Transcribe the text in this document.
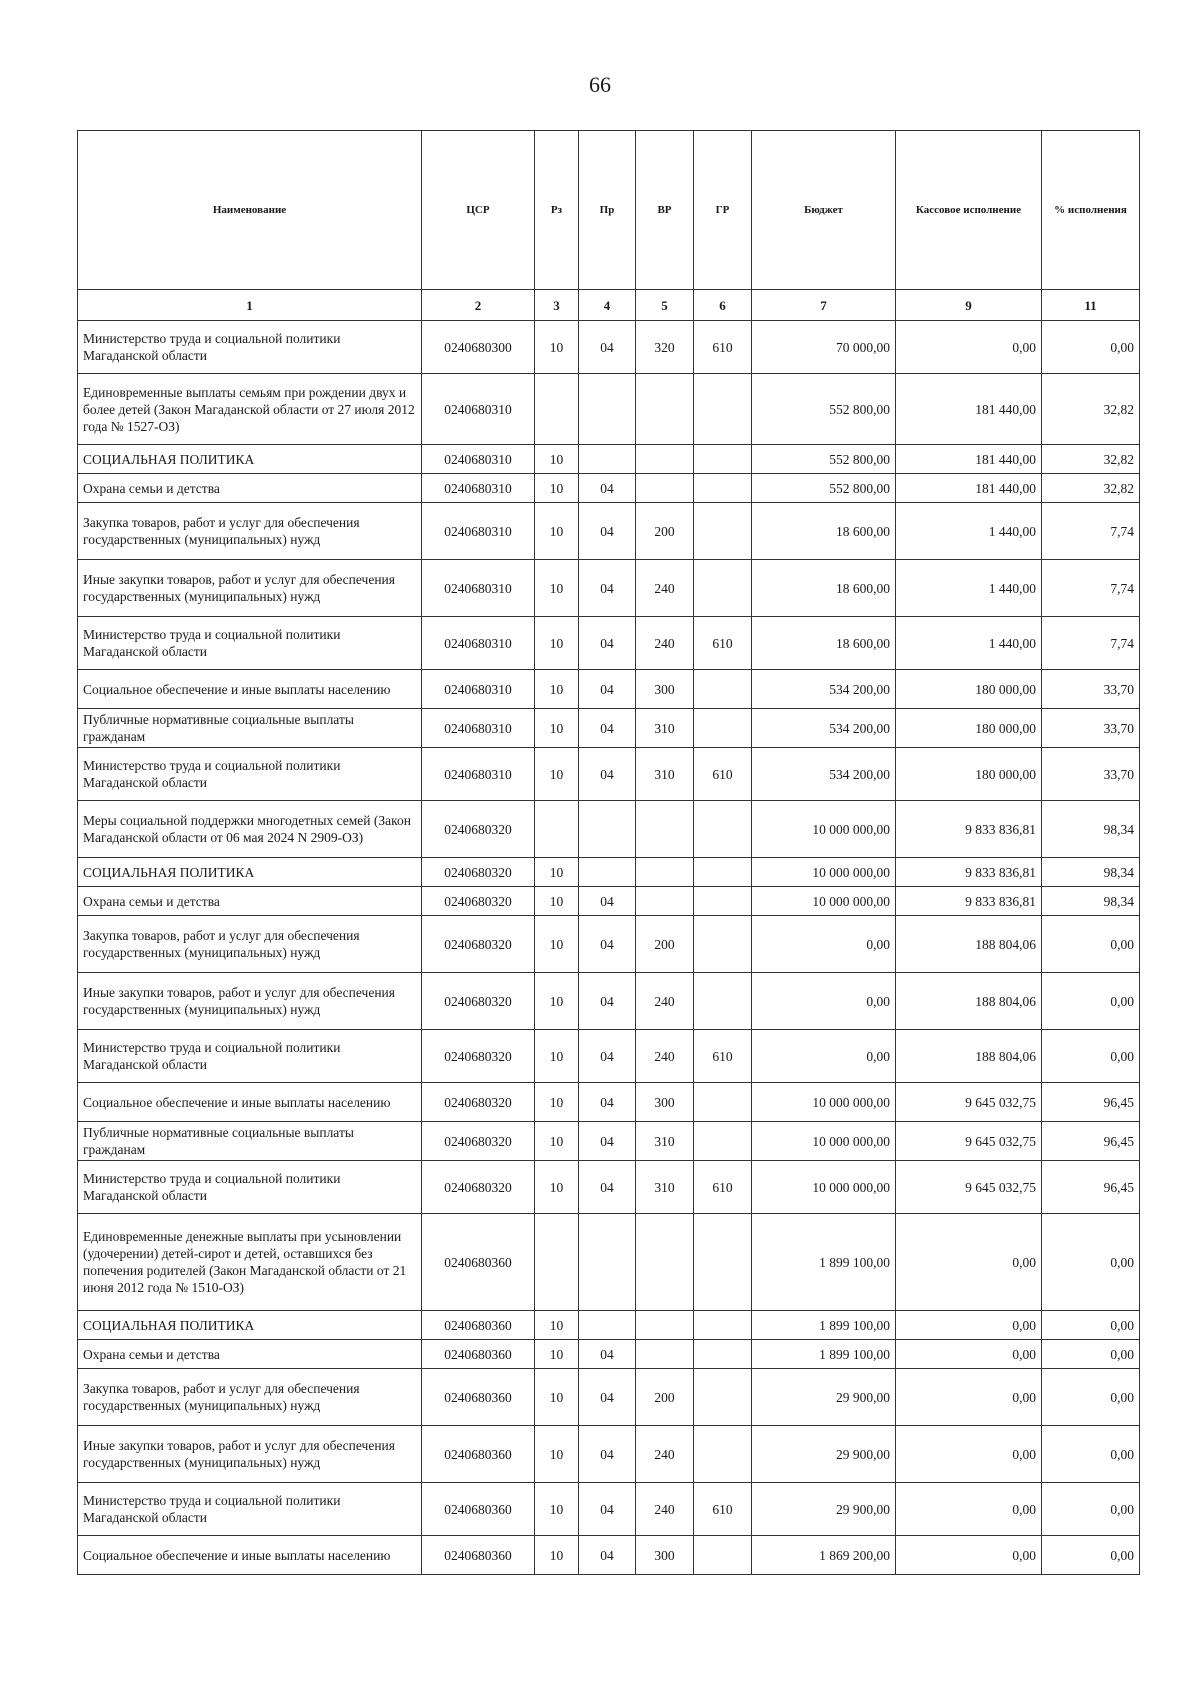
66
Наименование	ЦСР	Рз	Пр	ВР	ГР	Бюджет	Кассовое исполнение	% исполнения
1	2	3	4	5	6	7	9	11
Министерство труда и социальной политики Магаданской области	0240680300	10	04	320	610	70 000,00	0,00	0,00
Единовременные выплаты семьям при рождении двух и более детей (Закон Магаданской области от 27 июля 2012 года № 1527-ОЗ)	0240680310					552 800,00	181 440,00	32,82
СОЦИАЛЬНАЯ ПОЛИТИКА	0240680310	10				552 800,00	181 440,00	32,82
Охрана семьи и детства	0240680310	10	04			552 800,00	181 440,00	32,82
Закупка товаров, работ и услуг для обеспечения государственных (муниципальных) нужд	0240680310	10	04	200		18 600,00	1 440,00	7,74
Иные закупки товаров, работ и услуг для обеспечения государственных (муниципальных) нужд	0240680310	10	04	240		18 600,00	1 440,00	7,74
Министерство труда и социальной политики Магаданской области	0240680310	10	04	240	610	18 600,00	1 440,00	7,74
Социальное обеспечение и иные выплаты населению	0240680310	10	04	300		534 200,00	180 000,00	33,70
Публичные нормативные социальные выплаты гражданам	0240680310	10	04	310		534 200,00	180 000,00	33,70
Министерство труда и социальной политики Магаданской области	0240680310	10	04	310	610	534 200,00	180 000,00	33,70
Меры социальной поддержки многодетных семей (Закон Магаданской области от 06 мая 2024 N 2909-ОЗ)	0240680320					10 000 000,00	9 833 836,81	98,34
СОЦИАЛЬНАЯ ПОЛИТИКА	0240680320	10				10 000 000,00	9 833 836,81	98,34
Охрана семьи и детства	0240680320	10	04			10 000 000,00	9 833 836,81	98,34
Закупка товаров, работ и услуг для обеспечения государственных (муниципальных) нужд	0240680320	10	04	200		0,00	188 804,06	0,00
Иные закупки товаров, работ и услуг для обеспечения государственных (муниципальных) нужд	0240680320	10	04	240		0,00	188 804,06	0,00
Министерство труда и социальной политики Магаданской области	0240680320	10	04	240	610	0,00	188 804,06	0,00
Социальное обеспечение и иные выплаты населению	0240680320	10	04	300		10 000 000,00	9 645 032,75	96,45
Публичные нормативные социальные выплаты гражданам	0240680320	10	04	310		10 000 000,00	9 645 032,75	96,45
Министерство труда и социальной политики Магаданской области	0240680320	10	04	310	610	10 000 000,00	9 645 032,75	96,45
Единовременные денежные выплаты при усыновлении (удочерении) детей-сирот и детей, оставшихся без попечения родителей (Закон Магаданской области от 21 июня 2012 года № 1510-ОЗ)	0240680360					1 899 100,00	0,00	0,00
СОЦИАЛЬНАЯ ПОЛИТИКА	0240680360	10				1 899 100,00	0,00	0,00
Охрана семьи и детства	0240680360	10	04			1 899 100,00	0,00	0,00
Закупка товаров, работ и услуг для обеспечения государственных (муниципальных) нужд	0240680360	10	04	200		29 900,00	0,00	0,00
Иные закупки товаров, работ и услуг для обеспечения государственных (муниципальных) нужд	0240680360	10	04	240		29 900,00	0,00	0,00
Министерство труда и социальной политики Магаданской области	0240680360	10	04	240	610	29 900,00	0,00	0,00
Социальное обеспечение и иные выплаты населению	0240680360	10	04	300		1 869 200,00	0,00	0,00
